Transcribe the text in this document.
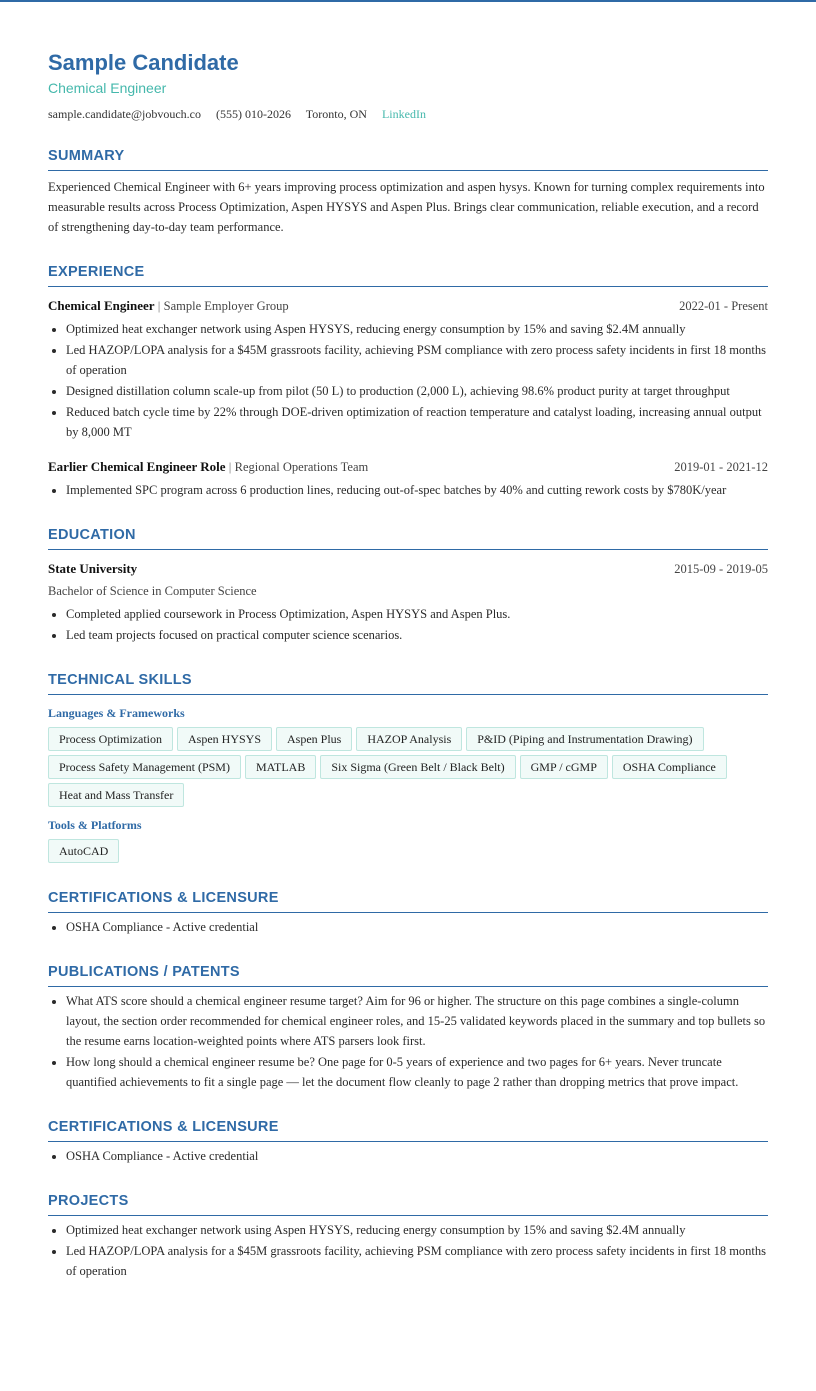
Sample Candidate
Chemical Engineer
sample.candidate@jobvouch.co (555) 010-2026 Toronto, ON LinkedIn
SUMMARY
Experienced Chemical Engineer with 6+ years improving process optimization and aspen hysys. Known for turning complex requirements into measurable results across Process Optimization, Aspen HYSYS and Aspen Plus. Brings clear communication, reliable execution, and a record of strengthening day-to-day team performance.
EXPERIENCE
Chemical Engineer | Sample Employer Group	2022-01 - Present
• Optimized heat exchanger network using Aspen HYSYS, reducing energy consumption by 15% and saving $2.4M annually
• Led HAZOP/LOPA analysis for a $45M grassroots facility, achieving PSM compliance with zero process safety incidents in first 18 months of operation
• Designed distillation column scale-up from pilot (50 L) to production (2,000 L), achieving 98.6% product purity at target throughput
• Reduced batch cycle time by 22% through DOE-driven optimization of reaction temperature and catalyst loading, increasing annual output by 8,000 MT
Earlier Chemical Engineer Role | Regional Operations Team	2019-01 - 2021-12
• Implemented SPC program across 6 production lines, reducing out-of-spec batches by 40% and cutting rework costs by $780K/year
EDUCATION
State University	2015-09 - 2019-05
Bachelor of Science in Computer Science
• Completed applied coursework in Process Optimization, Aspen HYSYS and Aspen Plus.
• Led team projects focused on practical computer science scenarios.
TECHNICAL SKILLS
Languages & Frameworks
Process Optimization	Aspen HYSYS	Aspen Plus	HAZOP Analysis	P&ID (Piping and Instrumentation Drawing)
Process Safety Management (PSM)	MATLAB	Six Sigma (Green Belt / Black Belt)	GMP / cGMP	OSHA Compliance
Heat and Mass Transfer
Tools & Platforms
AutoCAD
CERTIFICATIONS & LICENSURE
• OSHA Compliance - Active credential
PUBLICATIONS / PATENTS
• What ATS score should a chemical engineer resume target? Aim for 96 or higher. The structure on this page combines a single-column layout, the section order recommended for chemical engineer roles, and 15-25 validated keywords placed in the summary and top bullets so the resume earns location-weighted points where ATS parsers look first.
• How long should a chemical engineer resume be? One page for 0-5 years of experience and two pages for 6+ years. Never truncate quantified achievements to fit a single page — let the document flow cleanly to page 2 rather than dropping metrics that prove impact.
CERTIFICATIONS & LICENSURE
• OSHA Compliance - Active credential
PROJECTS
• Optimized heat exchanger network using Aspen HYSYS, reducing energy consumption by 15% and saving $2.4M annually
• Led HAZOP/LOPA analysis for a $45M grassroots facility, achieving PSM compliance with zero process safety incidents in first 18 months of operation
